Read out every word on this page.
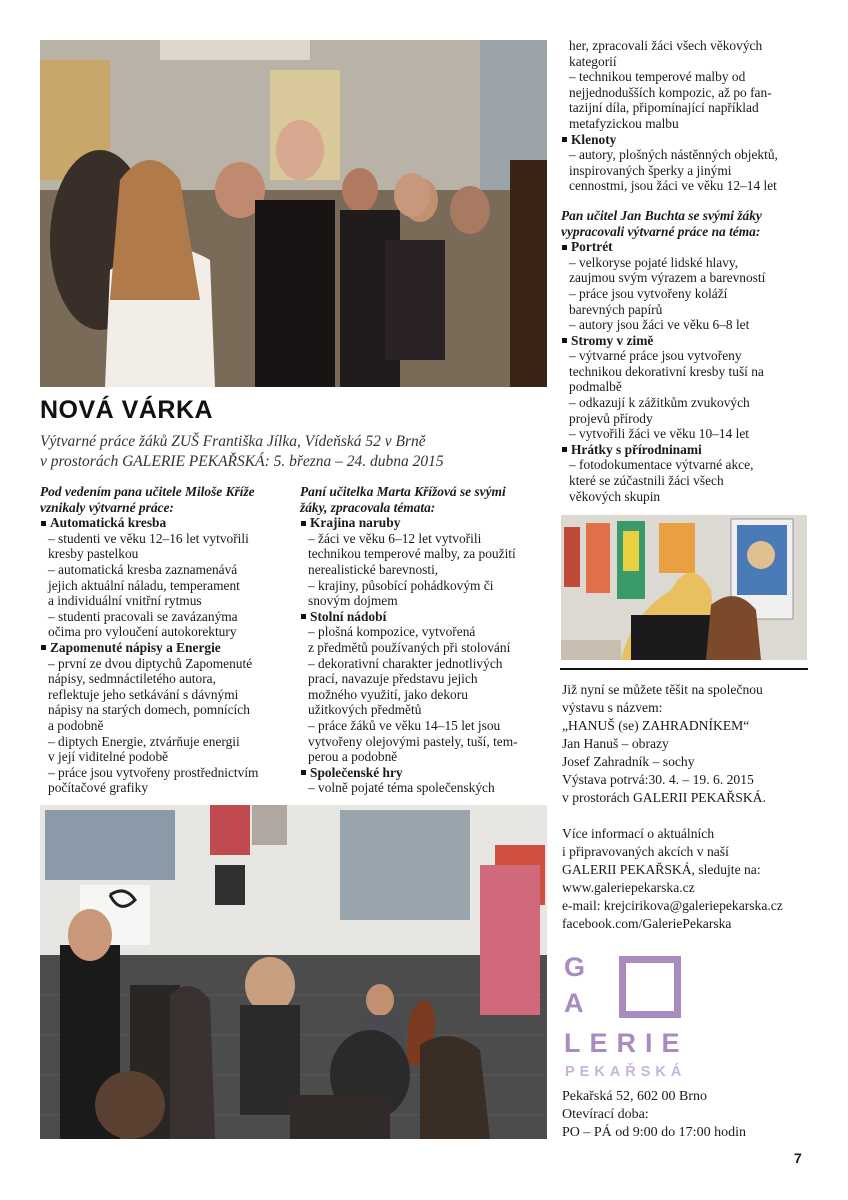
NOVÁ VÁRKA
Výtvarné práce žáků ZUŠ Františka Jílka, Vídeňská 52 v Brně
v prostorách GALERIE PEKAŘSKÁ: 5. března – 24. dubna 2015

Pod vedením pana učitele Miloše Kříže

vznikaly výtvarné práce:

Automatická kresba

– studenti ve věku 12–16 let vytvořili

kresby pastelkou

– automatická kresba zaznamenává

jejich aktuální náladu, temperament

a individuální vnitřní rytmus

– studenti pracovali se zavázanýma

očima pro vyloučení autokorektury

Zapomenuté nápisy a Energie

– první ze dvou diptychů Zapomenuté

nápisy, sedmnáctiletého autora,

reflektuje jeho setkávání s dávnými

nápisy na starých domech, pomnících

a podobně

– diptych Energie, ztvárňuje energii

v její viditelné podobě

– práce jsou vytvořeny prostřednictvím

počítačové grafiky

Paní učitelka Marta Křížová se svými

žáky, zpracovala témata:

Krajina naruby

– žáci ve věku 6–12 let vytvořili

technikou temperové malby, za použití

nerealistické barevnosti,

– krajiny, působící pohádkovým či

snovým dojmem

Stolní nádobí

– plošná kompozice, vytvořená

z předmětů používaných při stolování

– dekorativní charakter jednotlivých

prací, navazuje představu jejich

možného využití, jako dekoru

užitkových předmětů

– práce žáků ve věku 14–15 let jsou

vytvořeny olejovými pastely, tuší, tem-

perou a podobně

Společenské hry

– volně pojaté téma společenských

her, zpracovali žáci všech věkových

kategorií

– technikou temperové malby od

nejjednodušších kompozic, až po fan-

tazijní díla, připomínající například

metafyzickou malbu

Klenoty

– autory, plošných nástěnných objektů,

inspirovaných šperky a jinými

cennostmi, jsou žáci ve věku 12–14 let

Pan učitel Jan Buchta se svými žáky

vypracovali výtvarné práce na téma:

Portrét

– velkoryse pojaté lidské hlavy,

zaujmou svým výrazem a barevností

– práce jsou vytvořeny koláží

barevných papírů

– autory jsou žáci ve věku 6–8 let

Stromy v zimě

– výtvarné práce jsou vytvořeny

technikou dekorativní kresby tuší na

podmalbě

– odkazují k zážitkům zvukových

projevů přírody

– vytvořili žáci ve věku 10–14 let

Hrátky s přírodninami

– fotodokumentace výtvarné akce,

které se zúčastnili žáci všech

věkových skupin

Již nyní se můžete těšit na společnou

výstavu s názvem:

„HANUŠ (se) ZAHRADNÍKEM“

Jan Hanuš – obrazy

Josef Zahradník – sochy

Výstava potrvá:30. 4. – 19. 6. 2015

v prostorách GALERII PEKAŘSKÁ.

Více informací o aktuálních

i připravovaných akcích v naší

GALERII PEKAŘSKÁ, sledujte na:

www.galeriepekarska.cz

e-mail: krejcirikova@galeriepekarska.cz

facebook.com/GaleriePekarska

G
A
LERIE
PEKAŘSKÁ

Pekařská 52, 602 00 Brno

Otevírací doba:

PO – PÁ od 9:00 do 17:00 hodin

7
